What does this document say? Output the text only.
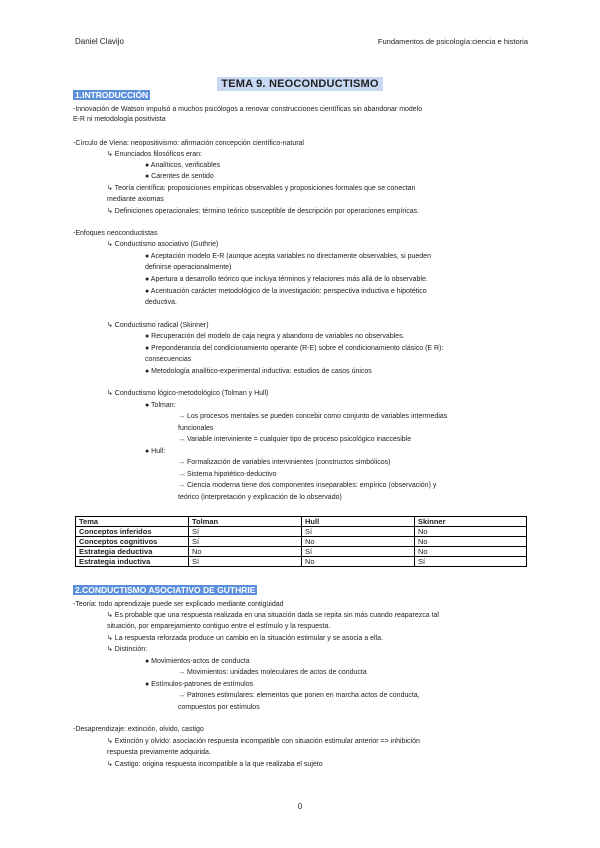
Daniel Clavijo	Fundamentos de psicología:ciencia e historia
TEMA 9. NEOCONDUCTISMO
1.INTRODUCCIÓN
-Innovación de Watson impulsó a muchos psicólogos a renovar construcciones científicas sin abandonar modelo
E-R ni metodología positivista
-Círculo de Viena: neopositivismo: afirmación concepción científico-natural
↳ Enunciados filosóficos eran:
● Analíticos, verificables
● Carentes de sentido
↳ Teoría científica: proposiciones empíricas observables y proposiciones formales que se conectan
mediante axiomas
↳ Definiciones operacionales: término teórico susceptible de descripción por operaciones empíricas.
-Enfoques neoconductistas
↳ Conductismo asociativo (Guthrie)
● Aceptación modelo E-R (aunque acepta variables no directamente observables, si pueden
definirse operacionalmente)
● Apertura a desarrollo teórico que incluya términos y relaciones más allá de lo observable.
● Acentuación carácter metodológico de la investigación: perspectiva inductiva e hipotético
deductiva.
↳ Conductismo radical (Skinner)
● Recuperación del modelo de caja negra y abandono de variables no observables.
● Preponderancia del condicionamiento operante (R-E) sobre el condicionamiento clásico (E R):
consecuencias
● Metodología analítico-experimental inductiva: estudios de casos únicos
↳ Conductismo lógico-metodológico (Tolman y Hull)
● Tolman:
→ Los procesos mentales se pueden concebir como conjunto de variables intermedias
funcionales
→ Variable interviniente = cualquier tipo de proceso psicológico inaccesible
● Hull:
→ Formalización de variables intervinientes (constructos simbólicos)
→ Sistema hipotético-deductivo
→ Ciencia moderna tiene dos componentes inseparables: empírico (observación) y
teórico (interpretación y explicación de lo observado)
Tema	Tolman	Hull	Skinner
Conceptos inferidos	Sí	Sí	No
Conceptos cognitivos	Sí	No	No
Estrategia deductiva	No	Sí	No
Estrategia inductiva	Sí	No	Sí
2.CONDUCTISMO ASOCIATIVO DE GUTHRIE
-Teoría: todo aprendizaje puede ser explicado mediante contigüidad
↳ Es probable que una respuesta realizada en una situación dada se repita sin más cuando reaparezca tal
situación, por emparejamiento contiguo entre el estímulo y la respuesta.
↳ La respuesta reforzada produce un cambio en la situación estimular y se asocia a ella.
↳ Distinción:
● Movimientos-actos de conducta
→ Movimientos: unidades moleculares de actos de conducta
● Estímulos-patrones de estímulos
→ Patrones estimulares: elementos que ponen en marcha actos de conducta,
compuestos por estímulos
-Desaprendizaje: extinción, olvido, castigo
↳ Extinción y olvido: asociación respuesta incompatible con situación estimular anterior => inhibición
respuesta previamente adquirida.
↳ Castigo: origina respuesta incompatible a la que realizaba el sujeto
0
